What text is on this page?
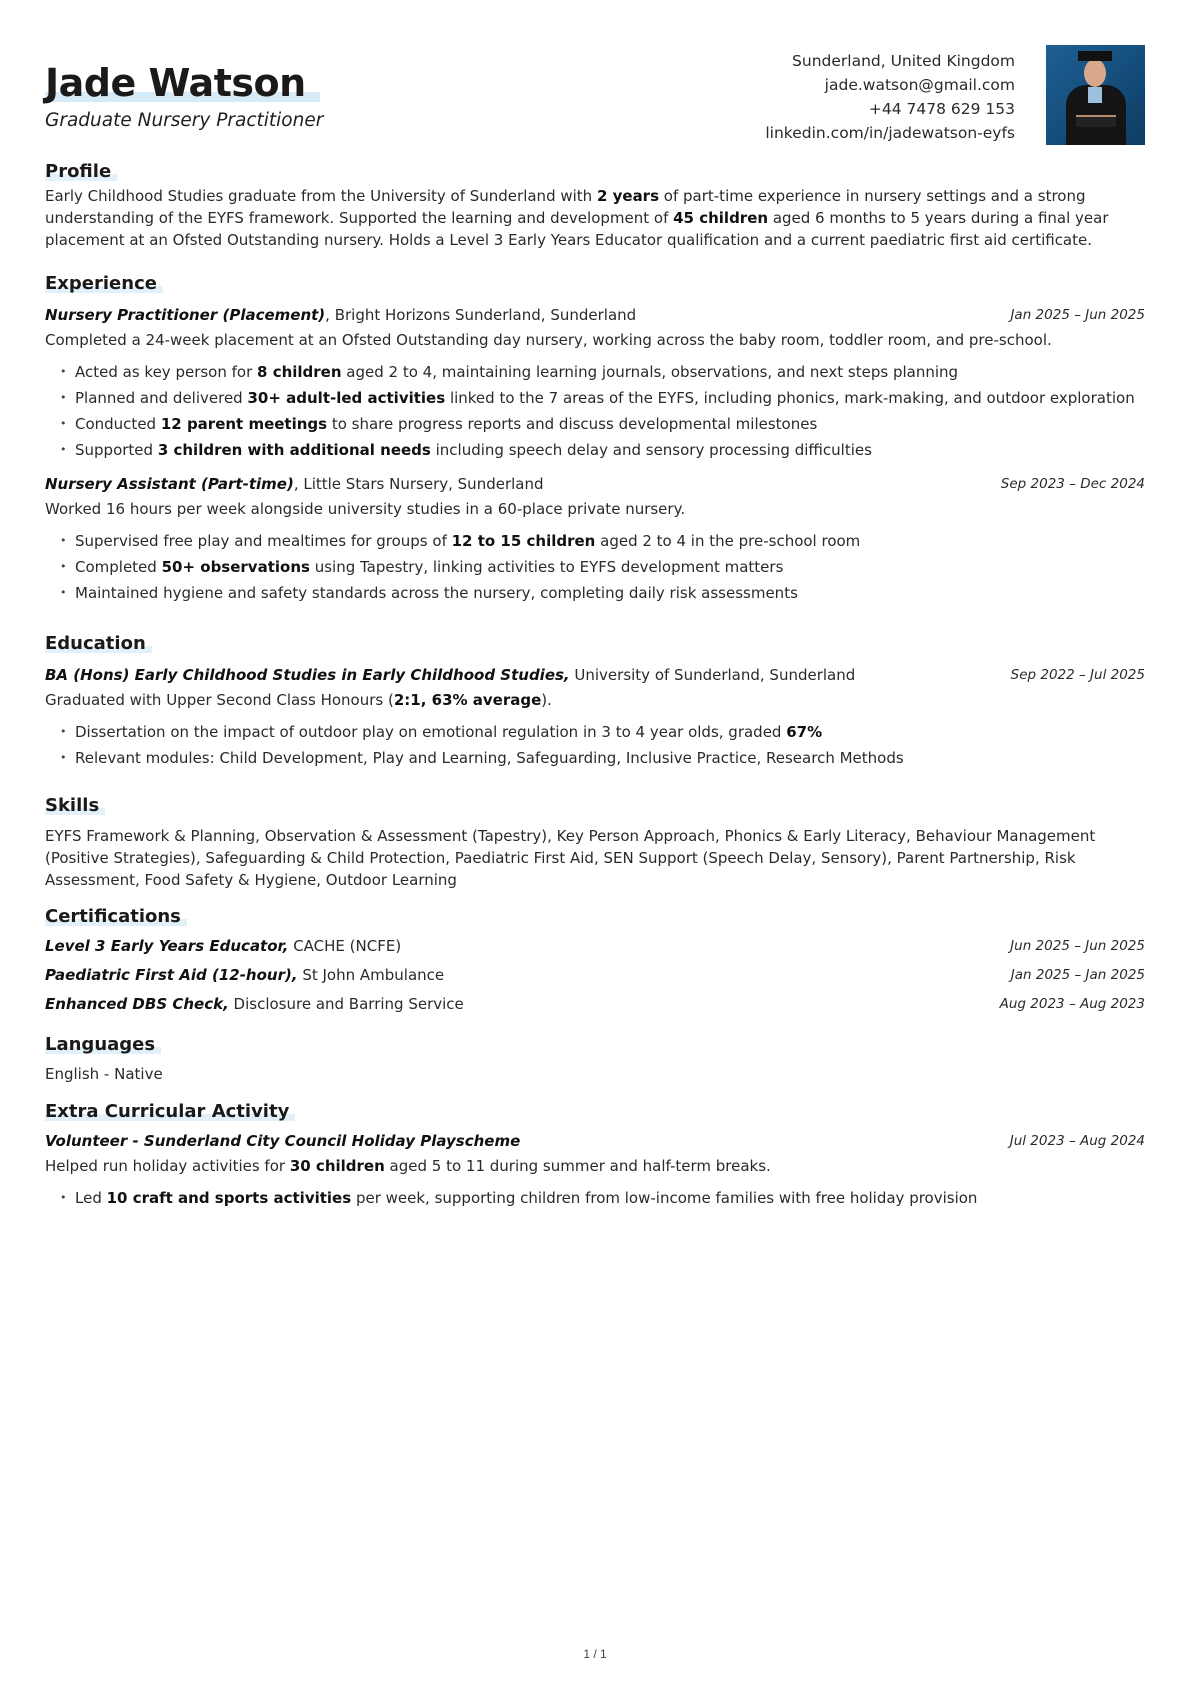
Jade Watson
Graduate Nursery Practitioner
Sunderland, United Kingdom
jade.watson@gmail.com
+44 7478 629 153
linkedin.com/in/jadewatson-eyfs
Profile
Early Childhood Studies graduate from the University of Sunderland with 2 years of part-time experience in nursery settings and a strong understanding of the EYFS framework. Supported the learning and development of 45 children aged 6 months to 5 years during a final year placement at an Ofsted Outstanding nursery. Holds a Level 3 Early Years Educator qualification and a current paediatric first aid certificate.
Experience
Nursery Practitioner (Placement), Bright Horizons Sunderland, Sunderland	Jan 2025 – Jun 2025
Completed a 24-week placement at an Ofsted Outstanding day nursery, working across the baby room, toddler room, and pre-school.
• Acted as key person for 8 children aged 2 to 4, maintaining learning journals, observations, and next steps planning
• Planned and delivered 30+ adult-led activities linked to the 7 areas of the EYFS, including phonics, mark-making, and outdoor exploration
• Conducted 12 parent meetings to share progress reports and discuss developmental milestones
• Supported 3 children with additional needs including speech delay and sensory processing difficulties
Nursery Assistant (Part-time), Little Stars Nursery, Sunderland	Sep 2023 – Dec 2024
Worked 16 hours per week alongside university studies in a 60-place private nursery.
• Supervised free play and mealtimes for groups of 12 to 15 children aged 2 to 4 in the pre-school room
• Completed 50+ observations using Tapestry, linking activities to EYFS development matters
• Maintained hygiene and safety standards across the nursery, completing daily risk assessments
Education
BA (Hons) Early Childhood Studies in Early Childhood Studies, University of Sunderland, Sunderland	Sep 2022 – Jul 2025
Graduated with Upper Second Class Honours (2:1, 63% average).
• Dissertation on the impact of outdoor play on emotional regulation in 3 to 4 year olds, graded 67%
• Relevant modules: Child Development, Play and Learning, Safeguarding, Inclusive Practice, Research Methods
Skills
EYFS Framework & Planning, Observation & Assessment (Tapestry), Key Person Approach, Phonics & Early Literacy, Behaviour Management (Positive Strategies), Safeguarding & Child Protection, Paediatric First Aid, SEN Support (Speech Delay, Sensory), Parent Partnership, Risk Assessment, Food Safety & Hygiene, Outdoor Learning
Certifications
Level 3 Early Years Educator, CACHE (NCFE)	Jun 2025 – Jun 2025
Paediatric First Aid (12-hour), St John Ambulance	Jan 2025 – Jan 2025
Enhanced DBS Check, Disclosure and Barring Service	Aug 2023 – Aug 2023
Languages
English - Native
Extra Curricular Activity
Volunteer - Sunderland City Council Holiday Playscheme	Jul 2023 – Aug 2024
Helped run holiday activities for 30 children aged 5 to 11 during summer and half-term breaks.
• Led 10 craft and sports activities per week, supporting children from low-income families with free holiday provision
1 / 1
